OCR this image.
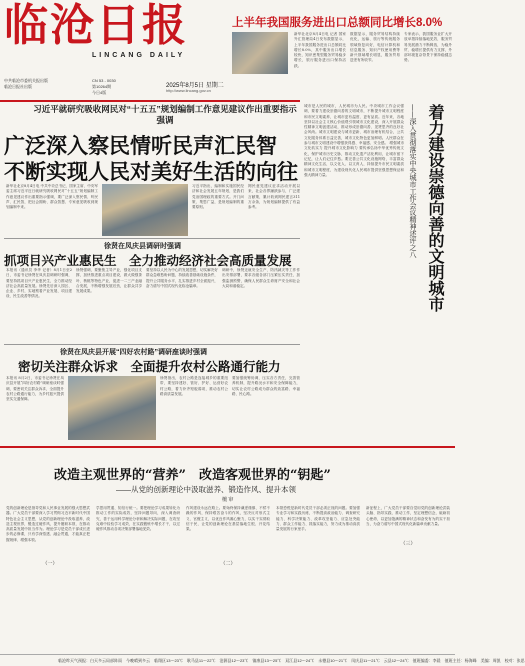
临沧日报
LINCANG DAILY
中共临沧市委机关报出版
临沧日报社出版
CN 53 - 0030
第10264期
今日4版
2025年8月5日 星期二
http://www.lincang.gov.cn
上半年我国服务进出口总额同比增长8.0%
新华社北京8月4日电 记者 国家外汇管理局4日发布数据显示，上半年我国服务进出口总额同比增长8.0%，其中服务出口增长较快，知识密集型服务贸易稳步增长，旅行服务进出口保持活跃。
数据显示，服务贸易结构持续优化，运输、旅行等传统服务领域恢复向好，电信计算机和信息服务、知识产权使用费等新兴领域增长明显，服务贸易逆差有所收窄。
专家表示，我国服务业扩大开放举措持续落地见效，服务贸易发展潜力不断释放，为稳外贸、稳增长提供有力支撑，外部环境复杂背景下保持稳健态势。
习近平就研究吸收网民对“十五五”规划编制工作意见建议作出重要指示强调
广泛深入察民情听民声汇民智
不断实现人民对美好生活的向往
新华社北京8月4日电 中共中央总书记、国家主席、中央军委主席习近平近日就研究吸收网民对“十五五”规划编制工作意见建议作出重要指示强调，要广泛深入察民情、听民声、汇民智，把社会期盼、群众智慧、专家意见吸收到规划编制中来。
习近平指出，编制和实施国民经济和社会发展五年规划，是我们党治国理政的重要方式。开门问策、集思广益，是规划编制的重要原则。
网民意见建议征求活动开展以来，社会各界踊跃参与，广泛建言献策，累计收到网民建言311万余条，为规划编制提供了有益参考。
徐贤在凤庆县调研时强调
抓项目兴产业惠民生　全力推动经济社会高质量发展
本报讯（通讯员 李华 记者）8月1日至2日，市委书记徐贤在凤庆县调研时强调，要坚持抓项目兴产业惠民生，全力推动经济社会高质量发展。徐贤先后深入园区、企业、乡村，实地察看产业发展、项目建设、民生改善等情况。
徐贤强调，要聚焦主导产业，强化项目支撑，加快推进重点项目建设，做大做强茶叶、核桃等特色产业，促进一二三产业融合发展，不断增强发展后劲，让群众共享发展成果。
要坚持以人民为中心的发展思想，切实解决好群众急难愁盼问题，持续改善基础设施条件，提升公共服务水平，扎实推进乡村全面振兴，奋力谱写中国式现代化临沧篇章。
调研中，徐贤还就安全生产、防汛减灾等工作作出安排部署，要求各级各部门压紧压实责任，加强监测预警，确保人民群众生命财产安全和社会大局和谐稳定。
徐贤在凤庆县开展“四好农村路”调研座谈时强调
密切关注群众诉求　全面提升农村公路通行能力
本报讯 8月2日，市委书记徐贤在凤庆县开展“四好农村路”调研座谈时强调，要密切关注群众诉求，全面提升农村公路通行能力，为乡村振兴提供坚实交通保障。
徐贤指出，农村公路是连接城乡的重要纽带，要坚持建好、管好、护好、运营好农村公路，着力补齐短板弱项，推动农村公路高质量发展。
要加强统筹协调，压实各方责任，完善管养机制，提升路况水平和安全保障能力，切实让农村公路成为群众的致富路、幸福路、民心路。
着力建设崇德向善的文明城市
——深入贯彻落实中央城市工作会议精神述评之八
城市是人民的城市，人民城市为人民。中央城市工作会议强调，要着力建设崇德向善的文明城市，不断提升城市文明程度和市民文明素养，让城市更有温度、更有品质。近年来，各地坚持以社会主义核心价值观引领城市文化建设，深入开展群众性精神文明创建活动，推动形成崇德向善、见贤思齐的良好社会风尚。城市文明建设与城市更新、城市治理有机结合，公共文化服务体系日益完善，城市文化特色更加鲜明。人民群众在参与城市文明建设中增强获得感、幸福感、安全感。 增强城市文化软实力 提升城市文化影响力 要传承弘扬中华优秀传统文化，保护城市历史文脉，推动文化遗产活化利用，让城市留下记忆，让人们记住乡愁。要完善公共文化设施网络，丰富群众精神文化生活，以文化人、以文育人，持续提升市民文明素质和城市文明程度，为建设现代化人民城市提供坚强思想保证和强大精神力量。
改造主观世界的“营养”　改造客观世界的“钥匙”
——从党的创新理论中汲取滋养、锻造作风、提升本领
檀 审
党的创新理论是指导党和人民事业发展的强大思想武器。广大党员干部要深入学习贯彻习近平新时代中国特色社会主义思想，从党的创新理论中汲取滋养，改造主观世界，锻造过硬作风，提升履职本领，在推动高质量发展中担当作为。理论学习是党员干部成长进步的必修课，只有学深悟透、融会贯通，才能真正把握规律、增强本领。
（一）
学思用贯通、知信行统一。要把理论学习成果转化为推动工作的实际成效，坚持问题导向，深入调查研究，善于运用科学理论分析和解决实际问题，在攻坚克难中检验学习成效，在实践锻炼中增长才干，以过硬作风推动各项决策部署落地见效。
（二）
作风建设永远在路上。要始终保持谦虚谨慎、不骄不躁的作风，保持艰苦奋斗的作风，坚决反对形式主义、官僚主义，以优良作风凝心聚力，以实干实绩取信于民，让党的创新理论在基层落地生根、开花结果。
本领恐慌是新时代党员干部必须正视的问题。要加强专业学习和实践历练，不断提高政治能力、调查研究能力、科学决策能力、改革攻坚能力、应急处突能力、群众工作能力、抓落实能力，努力成为推动高质量发展的行家里手。
（三）
新征程上，广大党员干部要自觉用党的创新理论武装头脑、指导实践、推动工作，坚定理想信念，砥砺初心使命，以更加饱满的精神状态和奋发有为的实干担当，为奋力谱写中国式现代化新篇章贡献力量。
临沧昨天气预报：白天多云局部阵雨　今晚晴到多云　临翔区13～23℃　耿马县11～22℃　沧源县12～23℃　镇康县13～25℃　双江县12～24℃　永德县10～21℃　凤庆县11～21℃　云县12～24℃　值班编委：李晨　值班主任：杨海峰　美编：周凯　校对：张思
